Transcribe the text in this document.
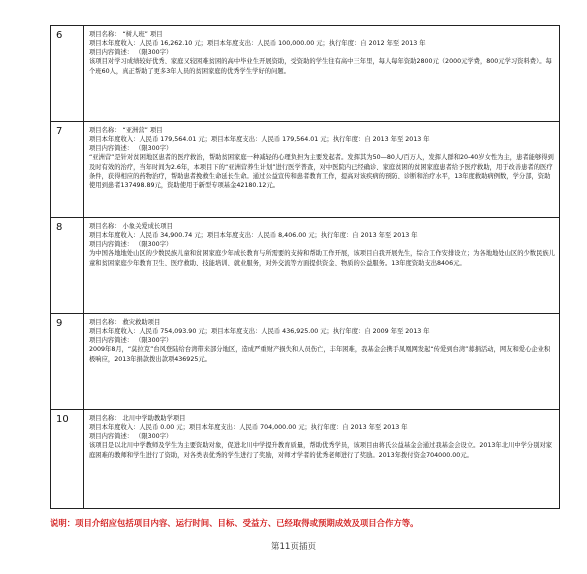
6	项目名称： “树人班” 项目
项目本年度收入：人民币 16,262.10 元；项目本年度支出：人民币 100,000.00 元；执行年度：自 2012 年至 2013 年
项目内容简述： （限300字）
该项目对学习成绩较好优秀、家庭又较困难贫困的高中毕业生开展资助，受资助的学生往有高中三年里，每人每年资助2800元（2000元学费，800元学习资料费）。每个班60人，真正帮助了更多3年人员的贫困家庭的优秀学生学好的问题。
7	项目名称： “亚洲营” 项目
项目本年度收入：人民币 179,564.01 元；项目本年度支出：人民币 179,564.01 元；执行年度：自 2013 年至 2013 年
项目内容简述： （限300字）
“亚洲营”是针对贫困地区患者的医疗救治，帮助贫困家庭一种减轻的心理负担为主要发起者。发挥其为50—80人/百万人，发挥人群和20-40岁女性为主，患者能够得到及时有效的治疗，当年时间为2.6年，本项目下的“亚洲营养生计划”进行医学普查，对中医院内已经确诊、家庭贫困的贫困家庭患者给予医疗救助，用于改善患者的医疗条件，获得相应的药物治疗，帮助患者挽救生命延长生命。通过公益宣传和患者教育工作，提高对该疾病的预防、诊断和治疗水平，13年度救助病例数，学分部，资助使用到患者137498.89元，资助使用于新型专项基金42180.12元。
8	项目名称： 小象关爱成长项目
项目本年度收入：人民币 34,900.74 元；项目本年度支出：人民币 8,406.00 元；执行年度：自 2013 年至 2013 年
项目内容简述： （限300字）
为中国各地地处山区的少数民族儿童和贫困家庭少年成长教育与所需要的支持和帮助工作开展，该项目自我开展先生，综合工作安排设立；为各地地处山区的少数民族儿童和贫困家庭少年教育卫生、医疗救助、技能培训、就业服务，对外交流等方面提供资金、物质的公益服务。13年度资助支出8406元。
9	项目名称： 救灾救助项目
项目本年度收入：人民币 754,093.90 元；项目本年度支出：人民币 436,925.00 元；执行年度：自 2009 年至 2013 年
项目内容简述： （限300字）
2009年8月，“莫拉克”台风登陆给台湾带来部分地区，造成严重财产损失和人员伤亡，丰年困难，我基金会携手凤凰网发起“传爱到台湾”募捐活动，网友和爱心企业积极响应，2013年捐款拨出款项436925元。
10	项目名称： 北川中学助教助学项目
项目本年度收入：人民币 0.00 元；项目本年度支出：人民币 704,000.00 元；执行年度：自 2013 年至 2013 年
项目内容简述： （限300字）
该项目是以北川中学教师及学生为主要资助对象，促进北川中学提升教育质量，帮助优秀学员，该项目由蒋氏公益基金会通过我基金会设立。2013年北川中学分别对家庭困难的教师和学生进行了资助，对各类表优秀的学生进行了奖励，对师才学者的优秀老师进行了奖励。2013年拨付资金704000.00元。
说明：项目介绍应包括项目内容、运行时间、目标、受益方、已经取得或预期成效及项目合作方等。
第11页插页
